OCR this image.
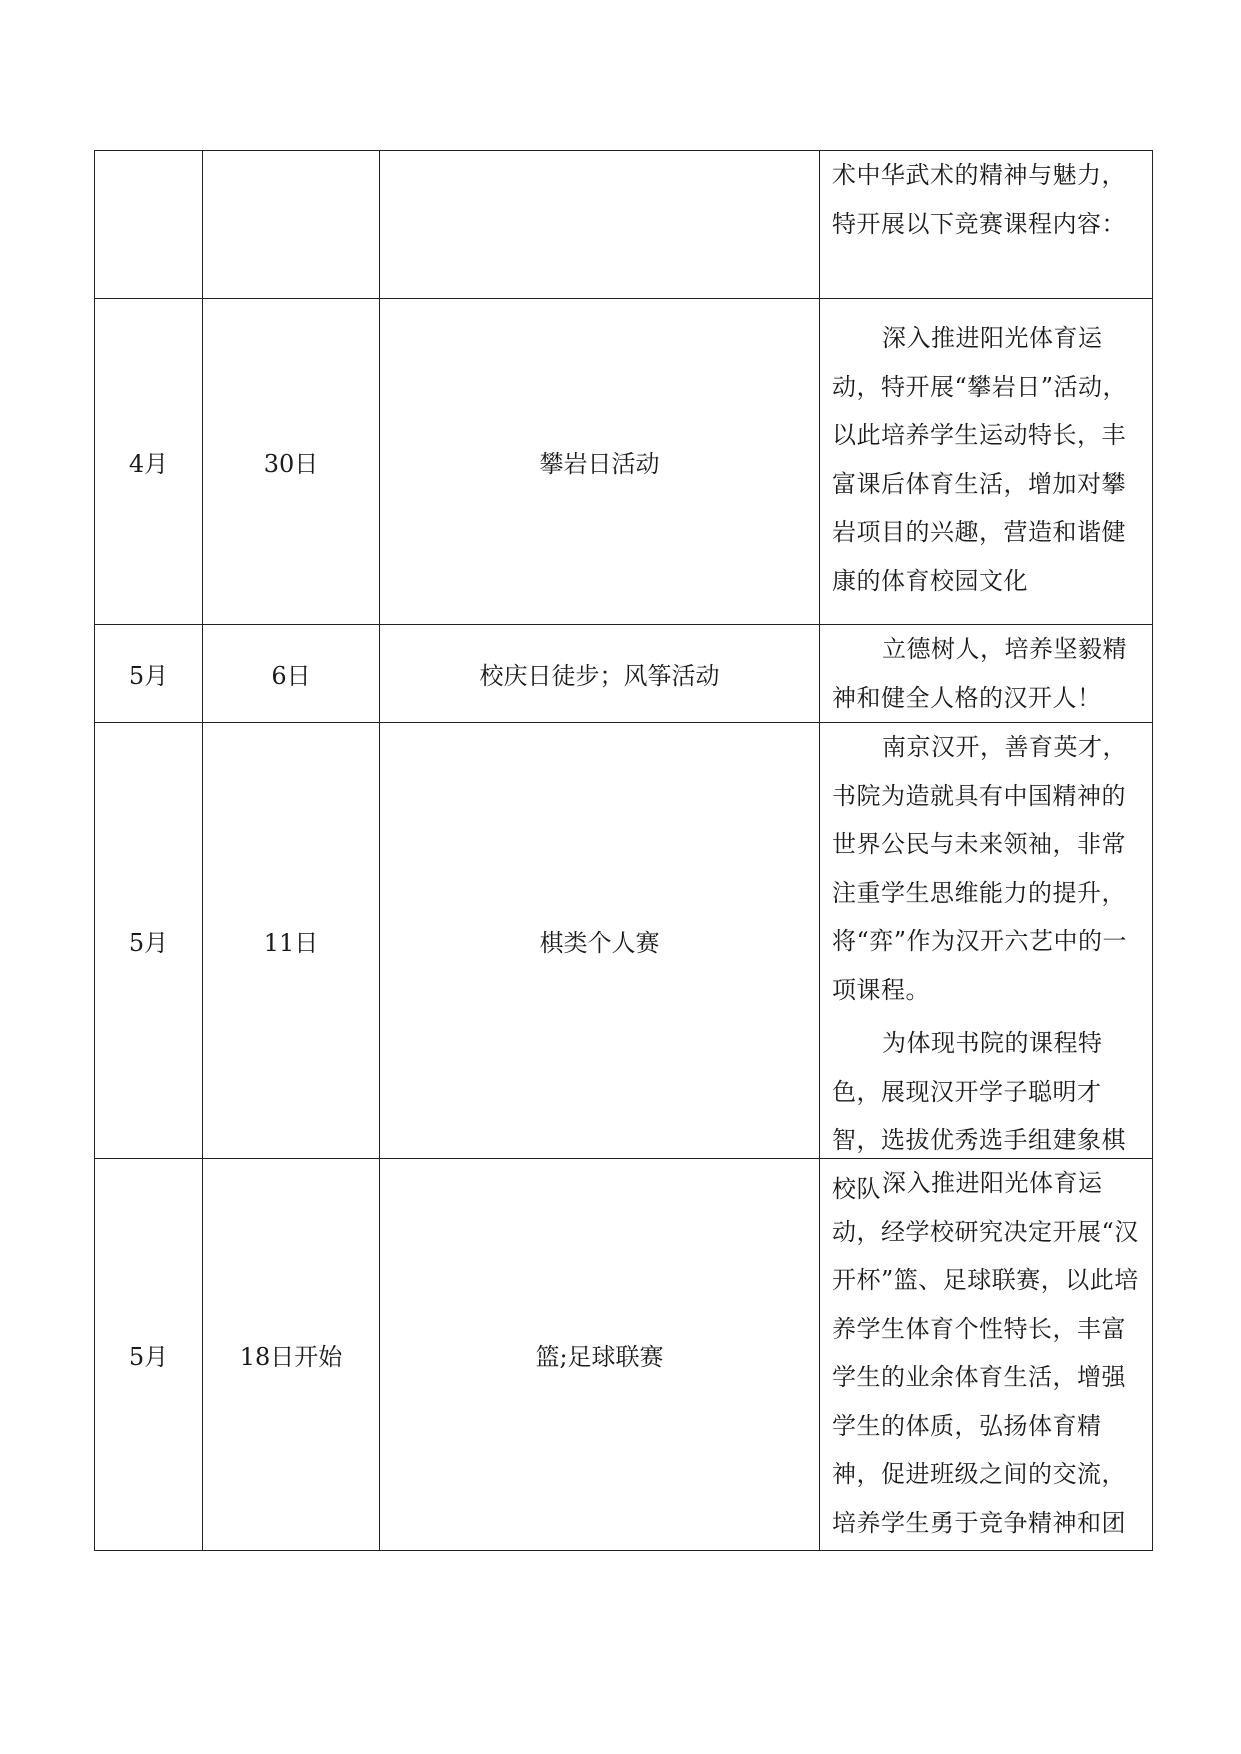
			术中华武术的精神与魅力，特开展以下竞赛课程内容：

4月	30日	攀岩日活动	深入推进阳光体育运动，特开展“攀岩日”活动，以此培养学生运动特长，丰富课后体育生活，增加对攀岩项目的兴趣，营造和谐健康的体育校园文化

5月	6日	校庆日徒步；风筝活动	立德树人，培养坚毅精神和健全人格的汉开人！

5月	11日	棋类个人赛	南京汉开，善育英才，书院为造就具有中国精神的世界公民与未来领袖，非常注重学生思维能力的提升，将“弈”作为汉开六艺中的一项课程。

为体现书院的课程特色，展现汉开学子聪明才智，选拔优秀选手组建象棋校队

5月	18日开始	篮;足球联赛	深入推进阳光体育运动，经学校研究决定开展“汉开杯”篮、足球联赛，以此培养学生体育个性特长，丰富学生的业余体育生活，增强学生的体质，弘扬体育精神，促进班级之间的交流，培养学生勇于竞争精神和团
